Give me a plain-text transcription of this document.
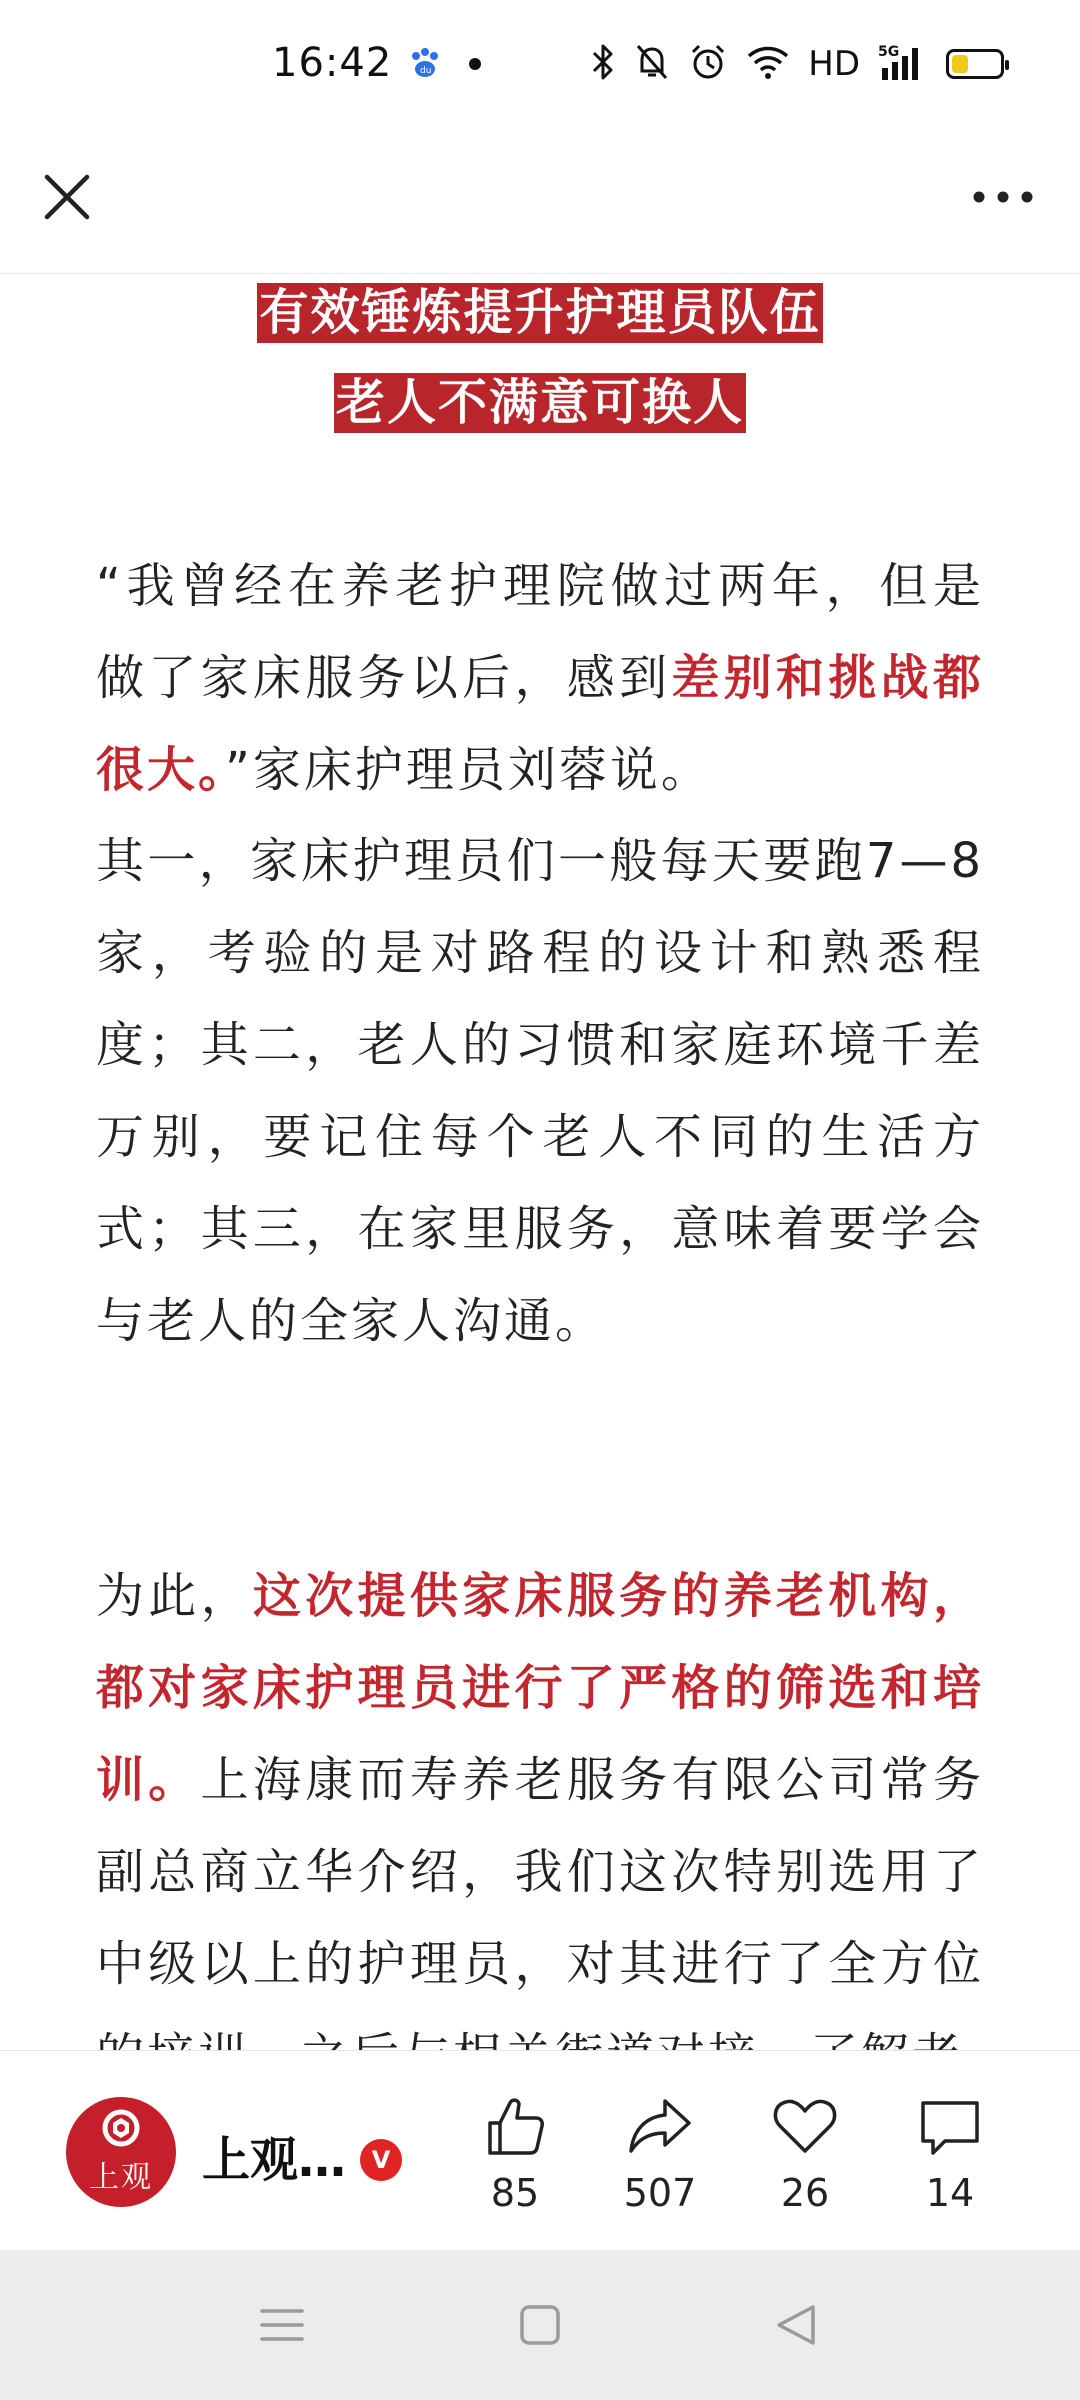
16:42	du	HD 5G
有效锤炼提升护理员队伍
老人不满意可换人

“我曾经在养老护理院做过两年，但是做了家床服务以后，感到差别和挑战都很大。”家床护理员刘蓉说。

其一，家床护理员们一般每天要跑7—8家，考验的是对路程的设计和熟悉程度；其二，老人的习惯和家庭环境千差万别，要记住每个老人不同的生活方式；其三，在家里服务，意味着要学会与老人的全家人沟通。

为此，这次提供家床服务的养老机构，都对家床护理员进行了严格的筛选和培训。上海康而寿养老服务有限公司常务副总商立华介绍，我们这次特别选用了中级以上的护理员，对其进行了全方位

上观 上观…	V
85 507 26	14
